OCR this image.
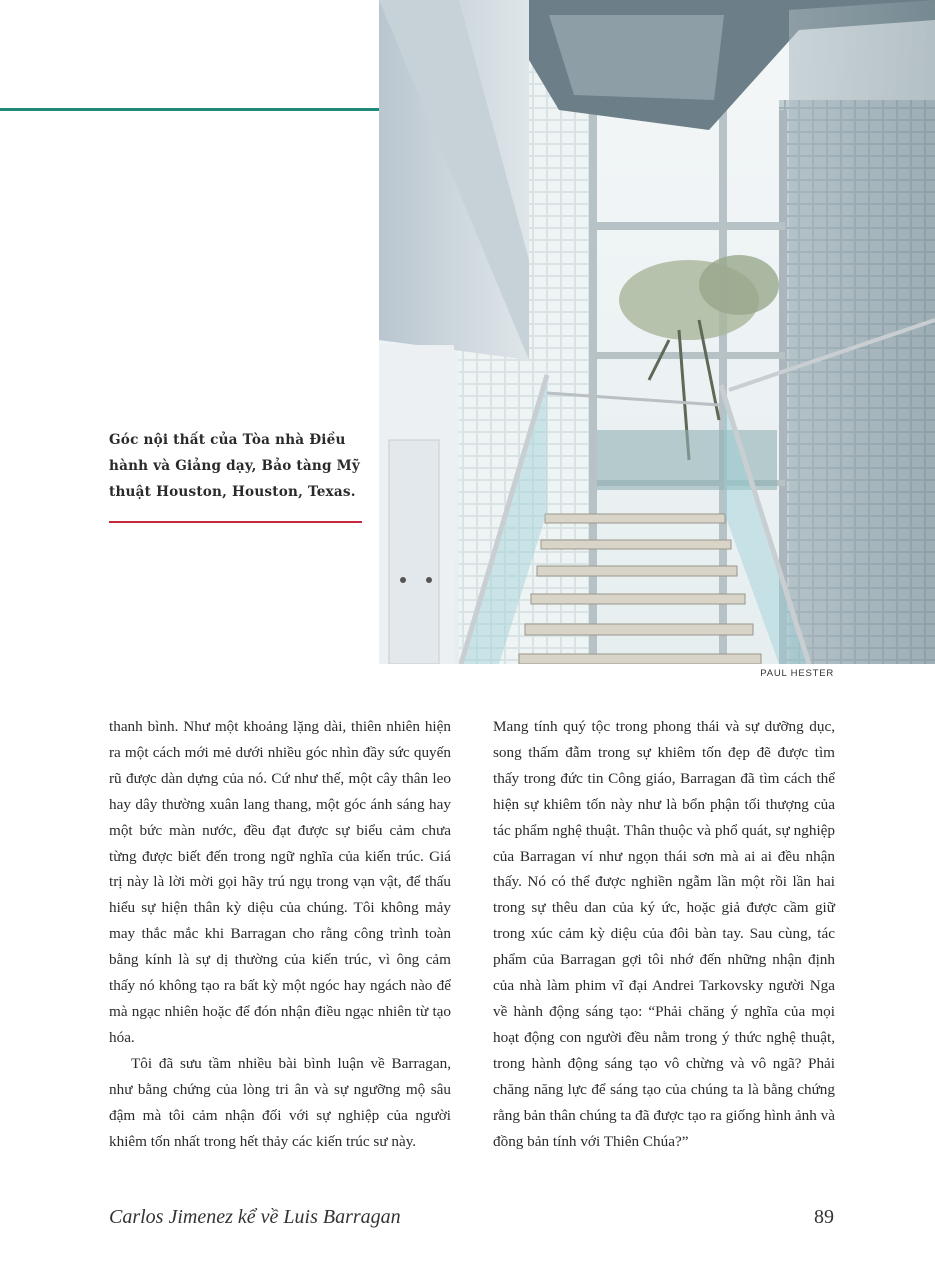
Góc nội thất của Tòa nhà Điều
hành và Giảng dạy, Bảo tàng Mỹ
thuật Houston, Houston, Texas.
PAUL HESTER

thanh bình. Như một khoảng lặng dài, thiên nhiên hiện ra một cách mới mẻ dưới nhiều góc nhìn đầy sức quyến rũ được dàn dựng của nó. Cứ như thế, một cây thân leo hay dây thường xuân lang thang, một góc ánh sáng hay một bức màn nước, đều đạt được sự biểu cảm chưa từng được biết đến trong ngữ nghĩa của kiến trúc. Giá trị này là lời mời gọi hãy trú ngụ trong vạn vật, để thấu hiểu sự hiện thân kỳ diệu của chúng. Tôi không mảy may thắc mắc khi Barragan cho rằng công trình toàn bằng kính là sự dị thường của kiến trúc, vì ông cảm thấy nó không tạo ra bất kỳ một ngóc hay ngách nào để mà ngạc nhiên hoặc để đón nhận điều ngạc nhiên từ tạo hóa.

Tôi đã sưu tầm nhiều bài bình luận về Barragan, như bằng chứng của lòng tri ân và sự ngưỡng mộ sâu đậm mà tôi cảm nhận đối với sự nghiệp của người khiêm tốn nhất trong hết thảy các kiến trúc sư này.

Mang tính quý tộc trong phong thái và sự dưỡng dục, song thấm đẫm trong sự khiêm tốn đẹp đẽ được tìm thấy trong đức tin Công giáo, Barragan đã tìm cách thể hiện sự khiêm tốn này như là bổn phận tối thượng của tác phẩm nghệ thuật. Thân thuộc và phổ quát, sự nghiệp của Barragan ví như ngọn thái sơn mà ai ai đều nhận thấy. Nó có thể được nghiền ngẫm lần một rồi lần hai trong sự thêu dan của ký ức, hoặc giả được cầm giữ trong xúc cảm kỳ diệu của đôi bàn tay. Sau cùng, tác phẩm của Barragan gợi tôi nhớ đến những nhận định của nhà làm phim vĩ đại Andrei Tarkovsky người Nga về hành động sáng tạo: “Phải chăng ý nghĩa của mọi hoạt động con người đều nằm trong ý thức nghệ thuật, trong hành động sáng tạo vô chừng và vô ngã? Phải chăng năng lực để sáng tạo của chúng ta là bằng chứng rằng bản thân chúng ta đã được tạo ra giống hình ảnh và đồng bản tính với Thiên Chúa?”

Carlos Jimenez kể về Luis Barragan	89
